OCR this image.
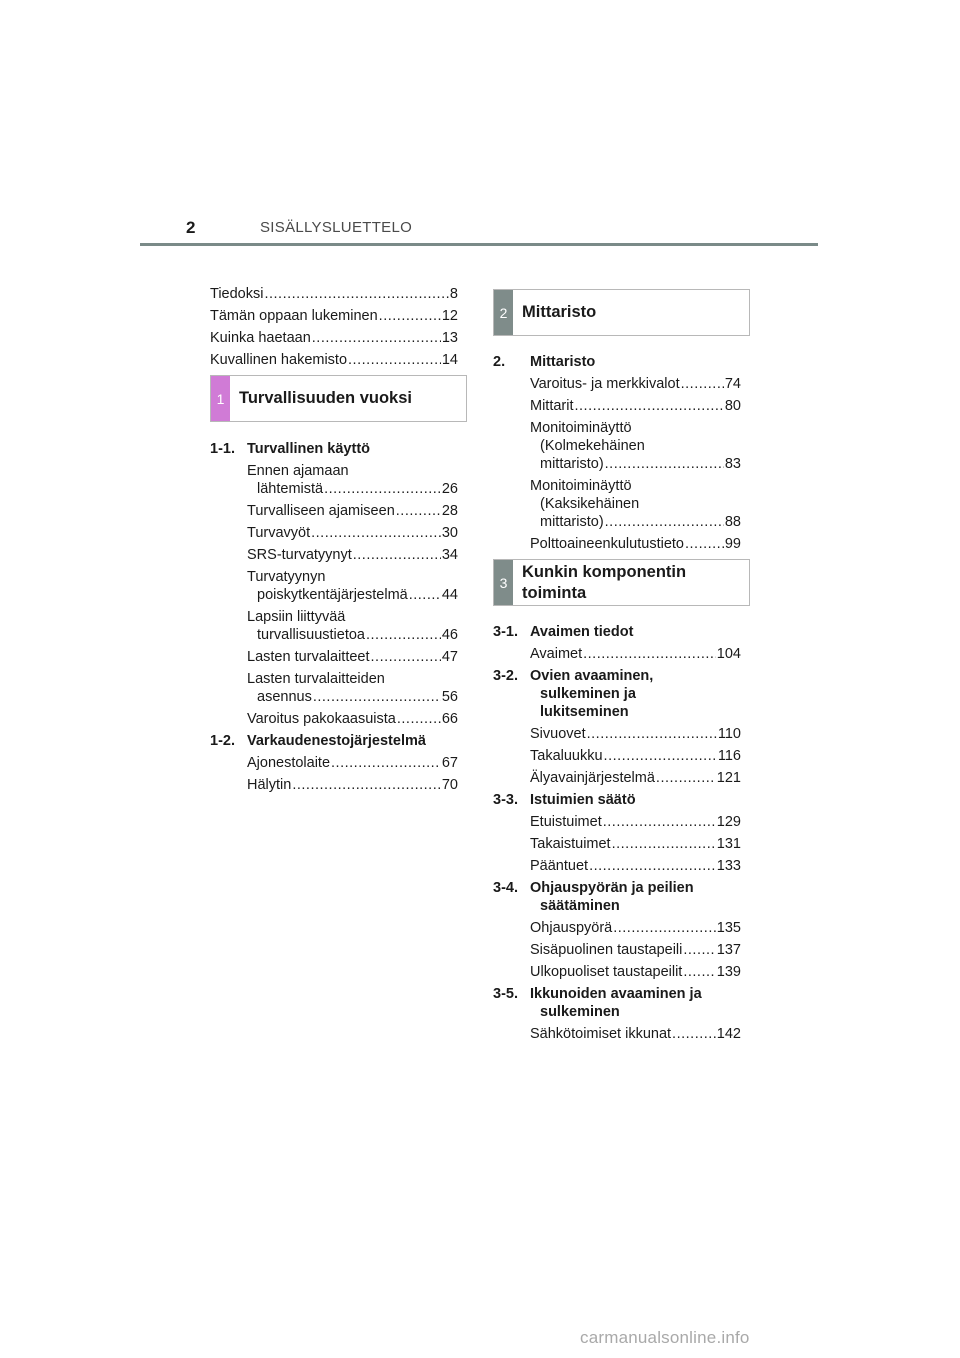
2	SISÄLLYSLUETTELO
Tiedoksi .....	8
Tämän oppaan lukeminen .....	12
Kuinka haetaan .....	13
Kuvallinen hakemisto .....	14
1 Turvallisuuden vuoksi
1-1. Turvallinen käyttö
Ennen ajamaan
lähtemistä .....	26
Turvalliseen ajamiseen .....	28
Turvavyöt .....	30
SRS-turvatyynyt .....	34
Turvatyynyn
poiskytkentäjärjestelmä ..... 44
Lapsiin liittyvää
turvallisuustietoa .....	46
Lasten turvalaitteet .....	47
Lasten turvalaitteiden
asennus .....	56
Varoitus pakokaasuista .....	66
1-2. Varkaudenestojärjestelmä
Ajonestolaite .....	67
Hälytin .....	70
2 Mittaristo
2.	Mittaristo
Varoitus- ja merkkivalot .....	74
Mittarit .....	80
Monitoiminäyttö
(Kolmekehäinen
mittaristo) .....	83
Monitoiminäyttö
(Kaksikehäinen
mittaristo) .....	88
Polttoaineenkulutustieto .....	99
3
Kunkin komponentin
toiminta
3-1. Avaimen tiedot
Avaimet .....	104
3-2. Ovien avaaminen,
sulkeminen ja
lukitseminen
Sivuovet .....	110
Takaluukku .....	116
Älyavainjärjestelmä .....	121
3-3. Istuimien säätö
Etuistuimet .....	129
Takaistuimet .....	131
Pääntuet .....	133
3-4. Ohjauspyörän ja peilien
säätäminen
Ohjauspyörä .....	135
Sisäpuolinen taustapeili ..... 137
Ulkopuoliset taustapeilit ..... 139
3-5. Ikkunoiden avaaminen ja
sulkeminen
Sähkötoimiset ikkunat .....	142
carmanualsonline.info
